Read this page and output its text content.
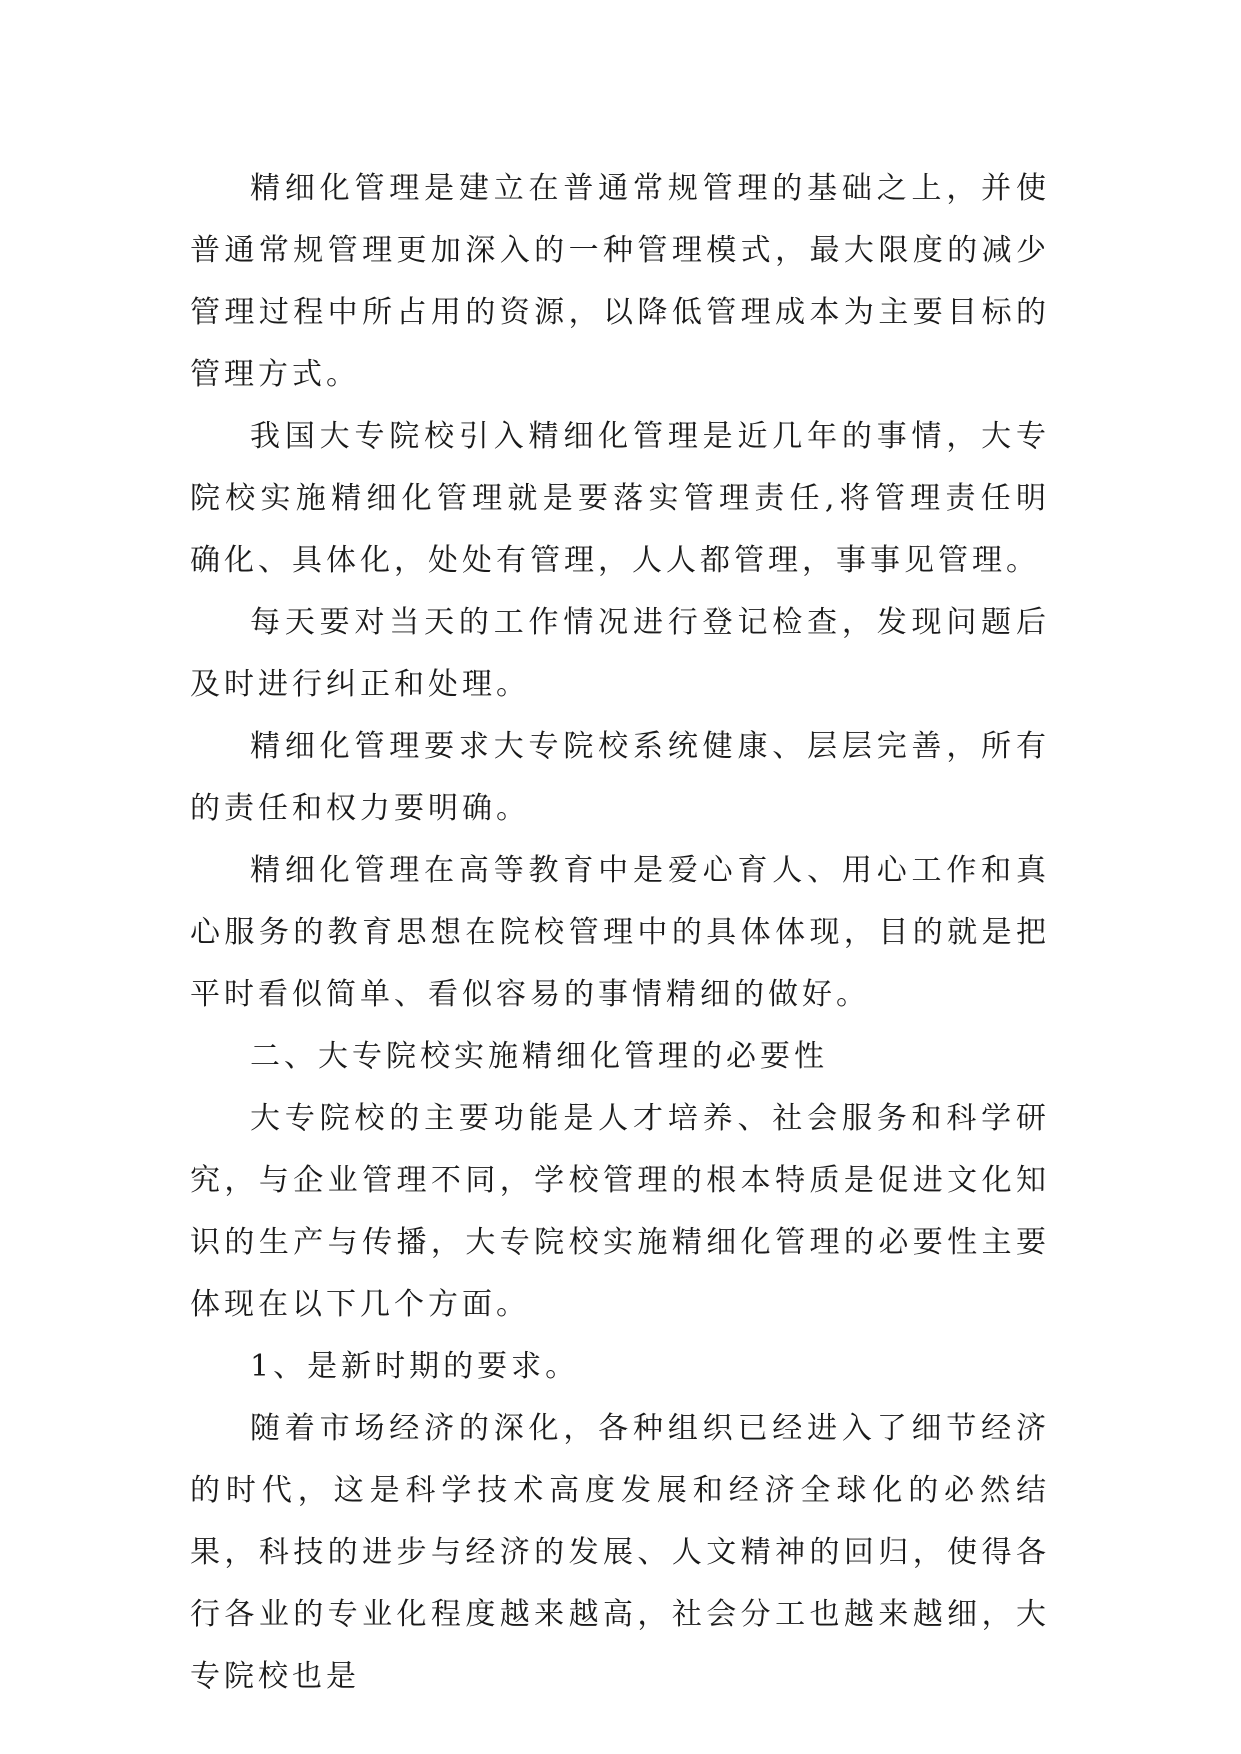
精细化管理是建立在普通常规管理的基础之上，并使普通常规管理更加深入的一种管理模式，最大限度的减少管理过程中所占用的资源，以降低管理成本为主要目标的管理方式。

我国大专院校引入精细化管理是近几年的事情，大专院校实施精细化管理就是要落实管理责任,将管理责任明确化、具体化，处处有管理，人人都管理，事事见管理。

每天要对当天的工作情况进行登记检查，发现问题后及时进行纠正和处理。

精细化管理要求大专院校系统健康、层层完善，所有的责任和权力要明确。

精细化管理在高等教育中是爱心育人、用心工作和真心服务的教育思想在院校管理中的具体体现，目的就是把平时看似简单、看似容易的事情精细的做好。

二、大专院校实施精细化管理的必要性

大专院校的主要功能是人才培养、社会服务和科学研究，与企业管理不同，学校管理的根本特质是促进文化知识的生产与传播，大专院校实施精细化管理的必要性主要体现在以下几个方面。

1、是新时期的要求。

随着市场经济的深化，各种组织已经进入了细节经济的时代，这是科学技术高度发展和经济全球化的必然结果，科技的进步与经济的发展、人文精神的回归，使得各行各业的专业化程度越来越高，社会分工也越来越细，大专院校也是
